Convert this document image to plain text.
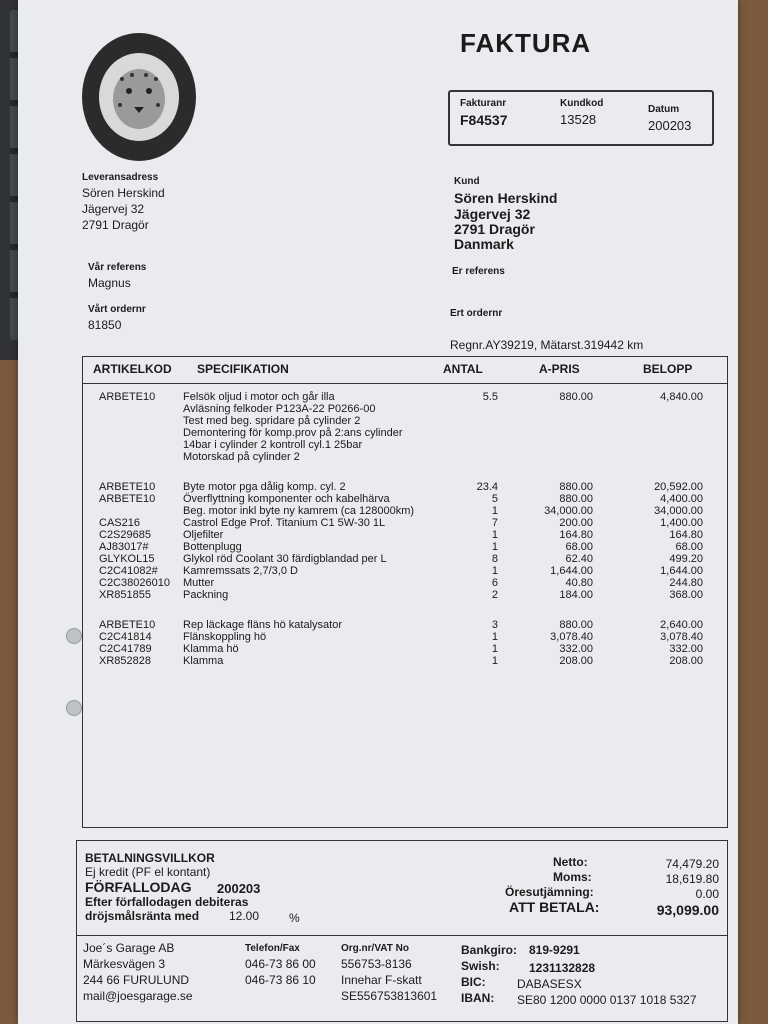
FAKTURA
Fakturanr
F84537
Kundkod
13528
Datum
200203
Leveransadress
Sören Herskind
Jägervej 32
2791 Dragör
Kund
Sören Herskind
Jägervej 32
2791 Dragör
Danmark
Vår referens
Magnus
Er referens
Vårt ordernr
81850
Ert ordernr
Regnr.AY39219, Mätarst.319442 km
ARTIKELKOD SPECIFIKATION	ANTAL	A-PRIS	BELOPP
ARBETE10	Felsök oljud i motor och går illa	5.5	880.00	4,840.00
Avläsning felkoder P123A-22 P0266-00
Test med beg. spridare på cylinder 2
Demontering för komp.prov på 2:ans cylinder
14bar i cylinder 2 kontroll cyl.1 25bar
Motorskad på cylinder 2
ARBETE10	Byte motor pga dålig komp. cyl. 2	23.4	880.00	20,592.00
ARBETE10	Överflyttning komponenter och kabelhärva	5	880.00	4,400.00
Beg. motor inkl byte ny kamrem (ca 128000km)	1	34,000.00	34,000.00
CAS216	Castrol Edge Prof. Titanium C1 5W-30 1L	7	200.00	1,400.00
C2S29685	Oljefilter	1	164.80	164.80
AJ83017#	Bottenplugg	1	68.00	68.00
GLYKOL15	Glykol röd Coolant 30 färdigblandad per L	8	62.40	499.20
C2C41082# Kamremssats 2,7/3,0 D	1	1,644.00	1,644.00
C2C38026010 Mutter	6	40.80	244.80
XR851855	Packning	2	184.00	368.00
ARBETE10	Rep läckage fläns hö katalysator	3	880.00	2,640.00
C2C41814	Flänskoppling hö	1	3,078.40	3,078.40
C2C41789	Klamma hö	1	332.00	332.00
XR852828	Klamma	1	208.00	208.00
BETALNINGSVILLKOR
Ej kredit (PF el kontant)
FÖRFALLODAG 200203
Efter förfallodagen debiteras
dröjsmålsränta med 12.00 %
Netto:	74,479.20
Moms:	18,619.80
Öresutjämning:	0.00
ATT BETALA:	93,099.00
Joe´s Garage AB
Märkesvägen 3
244 66 FURULUND
mail@joesgarage.se
Telefon/Fax
046-73 86 00
046-73 86 10
Org.nr/VAT No
556753-8136
Innehar F-skatt
SE556753813601
Bankgiro: 819-9291
Swish: 1231132828
BIC:	DABASESX
IBAN: SE80 1200 0000 0137 1018 5327
